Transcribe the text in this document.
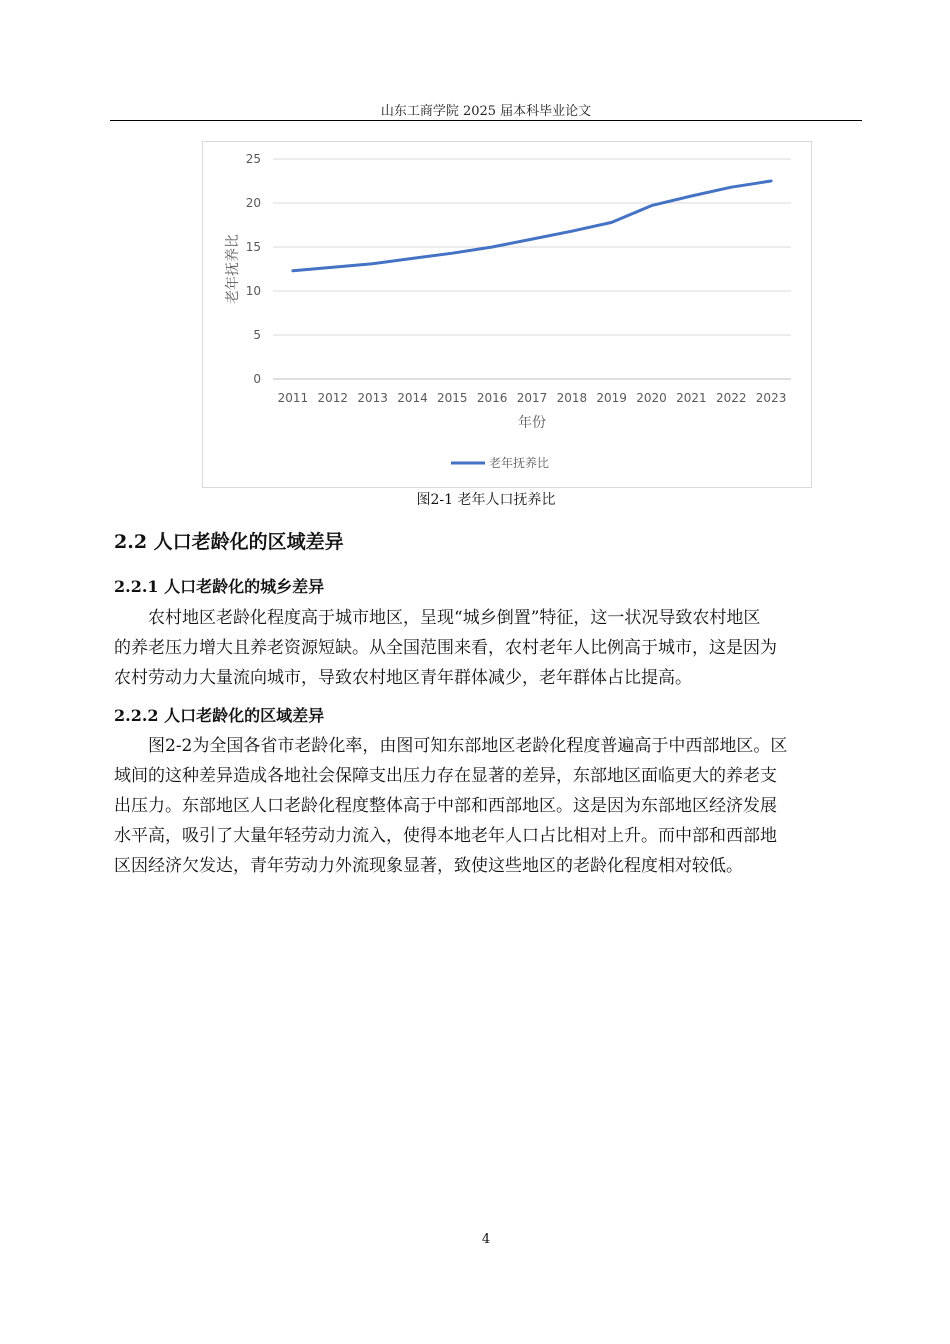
山东工商学院 2025 届本科毕业论文
0
5
10
15
20
25
2011 2012 2013 2014 2015 2016 2017 2018 2019 2020 2021 2022 2023
年份
老年抚养比
老年抚养比
图2-1 老年人口抚养比
2.2 人口老龄化的区域差异
2.2.1 人口老龄化的城乡差异

农村地区老龄化程度高于城市地区，呈现“城乡倒置”特征，这一状况导致农村地区
的养老压力增大且养老资源短缺。从全国范围来看，农村老年人比例高于城市，这是因为
农村劳动力大量流向城市，导致农村地区青年群体减少，老年群体占比提高。

2.2.2 人口老龄化的区域差异

图2-2为全国各省市老龄化率，由图可知东部地区老龄化程度普遍高于中西部地区。区
域间的这种差异造成各地社会保障支出压力存在显著的差异，东部地区面临更大的养老支
出压力。东部地区人口老龄化程度整体高于中部和西部地区。这是因为东部地区经济发展
水平高，吸引了大量年轻劳动力流入，使得本地老年人口占比相对上升。而中部和西部地
区因经济欠发达，青年劳动力外流现象显著，致使这些地区的老龄化程度相对较低。

4
